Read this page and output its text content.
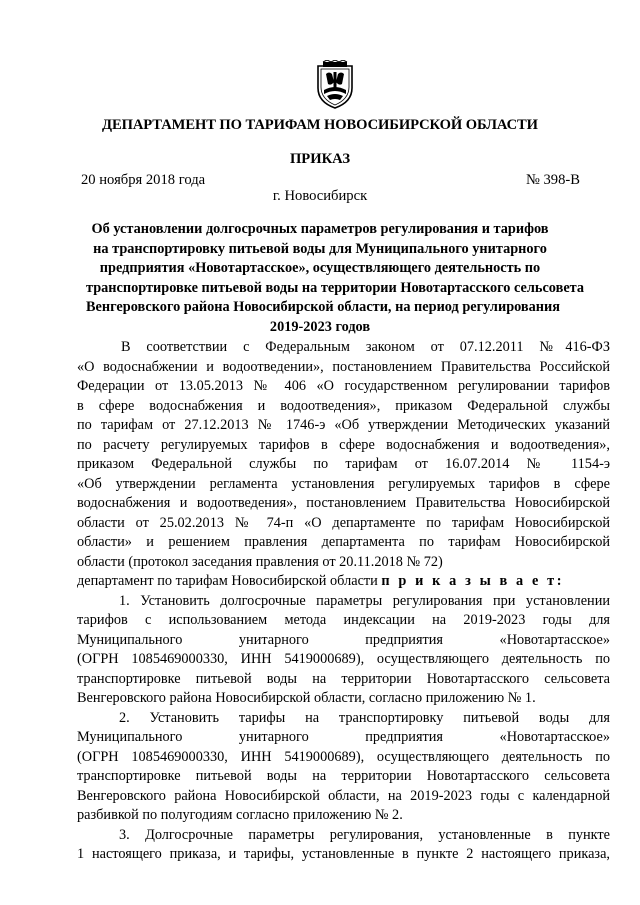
ДЕПАРТАМЕНТ ПО ТАРИФАМ НОВОСИБИРСКОЙ ОБЛАСТИ
ПРИКАЗ
20 ноября 2018 года	№ 398-В
г. Новосибирск
Об установлении долгосрочных параметров регулирования и тарифов
на транспортировку питьевой воды для Муниципального унитарного
предприятия «Новотартасское», осуществляющего деятельность по
транспортировке питьевой воды на территории Новотартасского сельсовета
Венгеровского района Новосибирской области, на период регулирования
2019-2023 годов
В соответствии с Федеральным законом от 07.12.2011 №416-ФЗ
«О водоснабжении и водоотведении», постановлением Правительства Российской
Федерации от 13.05.2013 № 406 «О государственном регулировании тарифов
в сфере водоснабжения и водоотведения», приказом Федеральной службы
по тарифам от 27.12.2013 № 1746-э «Об утверждении Методических указаний
по расчету регулируемых тарифов в сфере водоснабжения и водоотведения»,
приказом Федеральной службы по тарифам от 16.07.2014 № 1154-э
«Об утверждении регламента установления регулируемых тарифов в сфере
водоснабжения и водоотведения», постановлением Правительства Новосибирской
области от 25.02.2013 № 74-п «О департаменте по тарифам Новосибирской
области» и решением правления департамента по тарифам Новосибирской
области (протокол заседания правления от 20.11.2018 № 72)
департамент по тарифам Новосибирской области п р и к а з ы в а е т:
1. Установить долгосрочные параметры регулирования при установлении
тарифов с использованием метода индексации на 2019-2023 годы для
Муниципального унитарного предприятия «Новотартасское»
(ОГРН 1085469000330, ИНН 5419000689), осуществляющего деятельность по
транспортировке питьевой воды на территории Новотартасского сельсовета
Венгеровского района Новосибирской области, согласно приложению № 1.
2. Установить тарифы на транспортировку питьевой воды для
Муниципального унитарного предприятия «Новотартасское»
(ОГРН 1085469000330, ИНН 5419000689), осуществляющего деятельность по
транспортировке питьевой воды на территории Новотартасского сельсовета
Венгеровского района Новосибирской области, на 2019-2023 годы с календарной
разбивкой по полугодиям согласно приложению № 2.
3. Долгосрочные параметры регулирования, установленные в пункте
1 настоящего приказа, и тарифы, установленные в пункте 2 настоящего приказа,
